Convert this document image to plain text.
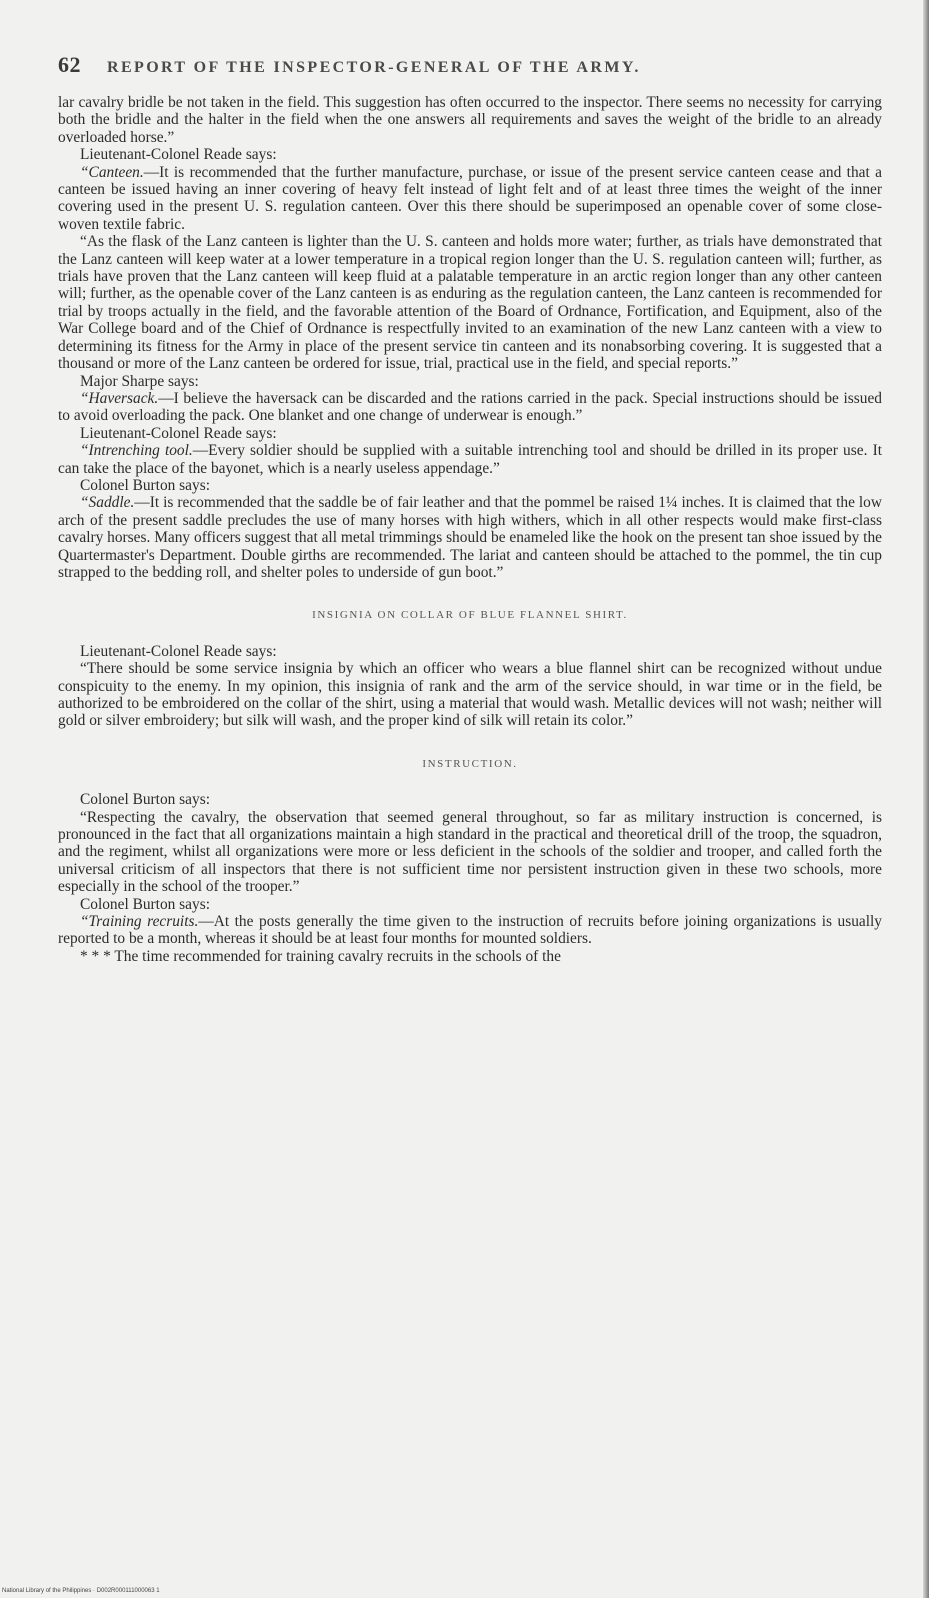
62 REPORT OF THE INSPECTOR-GENERAL OF THE ARMY.

lar cavalry bridle be not taken in the field. This suggestion has often occurred to the inspector. There seems no necessity for carrying both the bridle and the halter in the field when the one answers all requirements and saves the weight of the bridle to an already overloaded horse.”

Lieutenant-Colonel Reade says:

“Canteen.—It is recommended that the further manufacture, purchase, or issue of the present service canteen cease and that a canteen be issued having an inner covering of heavy felt instead of light felt and of at least three times the weight of the inner covering used in the present U. S. regulation canteen. Over this there should be superimposed an openable cover of some close-woven textile fabric.

“As the flask of the Lanz canteen is lighter than the U. S. canteen and holds more water; further, as trials have demonstrated that the Lanz canteen will keep water at a lower temperature in a tropical region longer than the U. S. regulation canteen will; further, as trials have proven that the Lanz canteen will keep fluid at a palatable temperature in an arctic region longer than any other canteen will; further, as the openable cover of the Lanz canteen is as enduring as the regulation canteen, the Lanz canteen is recommended for trial by troops actually in the field, and the favorable attention of the Board of Ordnance, Fortification, and Equipment, also of the War College board and of the Chief of Ordnance is respectfully invited to an examination of the new Lanz canteen with a view to determining its fitness for the Army in place of the present service tin canteen and its nonabsorbing covering. It is suggested that a thousand or more of the Lanz canteen be ordered for issue, trial, practical use in the field, and special reports.”

Major Sharpe says:

“Haversack.—I believe the haversack can be discarded and the rations carried in the pack. Special instructions should be issued to avoid overloading the pack. One blanket and one change of underwear is enough.”

Lieutenant-Colonel Reade says:

“Intrenching tool.—Every soldier should be supplied with a suitable intrenching tool and should be drilled in its proper use. It can take the place of the bayonet, which is a nearly useless appendage.”

Colonel Burton says:

“Saddle.—It is recommended that the saddle be of fair leather and that the pommel be raised 1¼ inches. It is claimed that the low arch of the present saddle precludes the use of many horses with high withers, which in all other respects would make first-class cavalry horses. Many officers suggest that all metal trimmings should be enameled like the hook on the present tan shoe issued by the Quartermaster's Department. Double girths are recommended. The lariat and canteen should be attached to the pommel, the tin cup strapped to the bedding roll, and shelter poles to underside of gun boot.”

INSIGNIA ON COLLAR OF BLUE FLANNEL SHIRT.

Lieutenant-Colonel Reade says:

“There should be some service insignia by which an officer who wears a blue flannel shirt can be recognized without undue conspicuity to the enemy. In my opinion, this insignia of rank and the arm of the service should, in war time or in the field, be authorized to be embroidered on the collar of the shirt, using a material that would wash. Metallic devices will not wash; neither will gold or silver embroidery; but silk will wash, and the proper kind of silk will retain its color.”

INSTRUCTION.

Colonel Burton says:

“Respecting the cavalry, the observation that seemed general throughout, so far as military instruction is concerned, is pronounced in the fact that all organizations maintain a high standard in the practical and theoretical drill of the troop, the squadron, and the regiment, whilst all organizations were more or less deficient in the schools of the soldier and trooper, and called forth the universal criticism of all inspectors that there is not sufficient time nor persistent instruction given in these two schools, more especially in the school of the trooper.”

Colonel Burton says:

“Training recruits.—At the posts generally the time given to the instruction of recruits before joining organizations is usually reported to be a month, whereas it should be at least four months for mounted soldiers.

* * * The time recommended for training cavalry recruits in the schools of the

National Library of the Philippines · D002R000111000063 1
